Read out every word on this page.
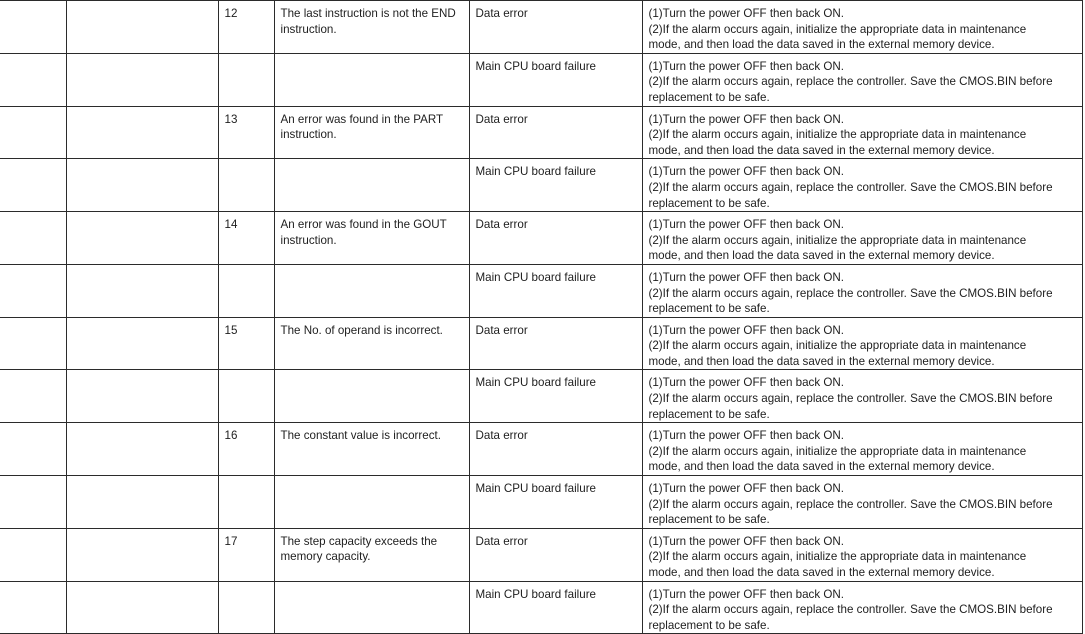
		12	The last instruction is not the END instruction.	Data error	(1)Turn the power OFF then back ON.
(2)If the alarm occurs again, initialize the appropriate data in maintenance
mode, and then load the data saved in the external memory device.

				Main CPU board failure	(1)Turn the power OFF then back ON.
(2)If the alarm occurs again, replace the controller. Save the CMOS.BIN before
replacement to be safe.

		13	An error was found in the PART instruction.	Data error	(1)Turn the power OFF then back ON.
(2)If the alarm occurs again, initialize the appropriate data in maintenance
mode, and then load the data saved in the external memory device.

				Main CPU board failure	(1)Turn the power OFF then back ON.
(2)If the alarm occurs again, replace the controller. Save the CMOS.BIN before
replacement to be safe.

		14	An error was found in the GOUT instruction.	Data error	(1)Turn the power OFF then back ON.
(2)If the alarm occurs again, initialize the appropriate data in maintenance
mode, and then load the data saved in the external memory device.

				Main CPU board failure	(1)Turn the power OFF then back ON.
(2)If the alarm occurs again, replace the controller. Save the CMOS.BIN before
replacement to be safe.

		15	The No. of operand is incorrect.	Data error	(1)Turn the power OFF then back ON.
(2)If the alarm occurs again, initialize the appropriate data in maintenance
mode, and then load the data saved in the external memory device.

				Main CPU board failure	(1)Turn the power OFF then back ON.
(2)If the alarm occurs again, replace the controller. Save the CMOS.BIN before
replacement to be safe.

		16	The constant value is incorrect.	Data error	(1)Turn the power OFF then back ON.
(2)If the alarm occurs again, initialize the appropriate data in maintenance
mode, and then load the data saved in the external memory device.

				Main CPU board failure	(1)Turn the power OFF then back ON.
(2)If the alarm occurs again, replace the controller. Save the CMOS.BIN before
replacement to be safe.

		17	The step capacity exceeds the memory capacity.	Data error	(1)Turn the power OFF then back ON.
(2)If the alarm occurs again, initialize the appropriate data in maintenance
mode, and then load the data saved in the external memory device.

				Main CPU board failure	(1)Turn the power OFF then back ON.
(2)If the alarm occurs again, replace the controller. Save the CMOS.BIN before
replacement to be safe.
